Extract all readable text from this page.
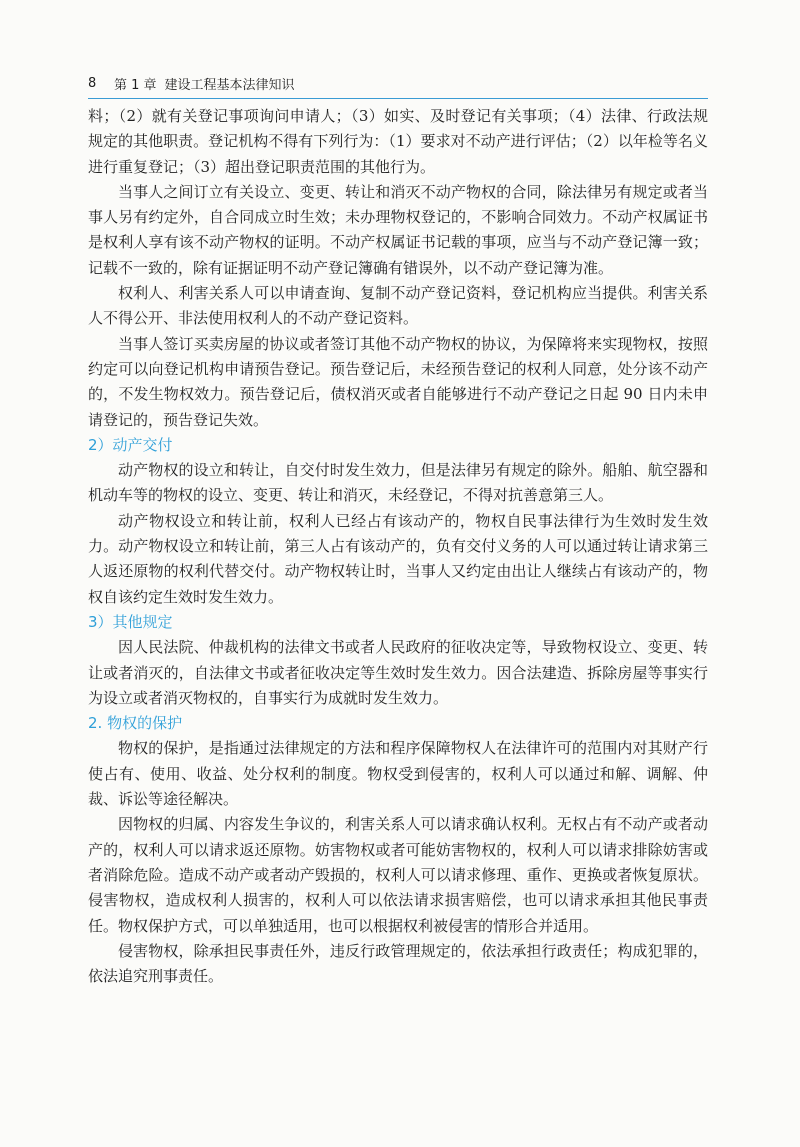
8	第 1 章 建设工程基本法律知识

料；（2）就有关登记事项询问申请人；（3）如实、及时登记有关事项；（4）法律、行政法规规定的其他职责。登记机构不得有下列行为：（1）要求对不动产进行评估；（2）以年检等名义进行重复登记；（3）超出登记职责范围的其他行为。

当事人之间订立有关设立、变更、转让和消灭不动产物权的合同，除法律另有规定或者当事人另有约定外，自合同成立时生效；未办理物权登记的，不影响合同效力。不动产权属证书是权利人享有该不动产物权的证明。不动产权属证书记载的事项，应当与不动产登记簿一致；记载不一致的，除有证据证明不动产登记簿确有错误外，以不动产登记簿为准。

权利人、利害关系人可以申请查询、复制不动产登记资料，登记机构应当提供。利害关系人不得公开、非法使用权利人的不动产登记资料。

当事人签订买卖房屋的协议或者签订其他不动产物权的协议，为保障将来实现物权，按照约定可以向登记机构申请预告登记。预告登记后，未经预告登记的权利人同意，处分该不动产的，不发生物权效力。预告登记后，债权消灭或者自能够进行不动产登记之日起 90 日内未申请登记的，预告登记失效。

2）动产交付

动产物权的设立和转让，自交付时发生效力，但是法律另有规定的除外。船舶、航空器和机动车等的物权的设立、变更、转让和消灭，未经登记，不得对抗善意第三人。

动产物权设立和转让前，权利人已经占有该动产的，物权自民事法律行为生效时发生效力。动产物权设立和转让前，第三人占有该动产的，负有交付义务的人可以通过转让请求第三人返还原物的权利代替交付。动产物权转让时，当事人又约定由出让人继续占有该动产的，物权自该约定生效时发生效力。

3）其他规定

因人民法院、仲裁机构的法律文书或者人民政府的征收决定等，导致物权设立、变更、转让或者消灭的，自法律文书或者征收决定等生效时发生效力。因合法建造、拆除房屋等事实行为设立或者消灭物权的，自事实行为成就时发生效力。

2. 物权的保护

物权的保护，是指通过法律规定的方法和程序保障物权人在法律许可的范围内对其财产行使占有、使用、收益、处分权利的制度。物权受到侵害的，权利人可以通过和解、调解、仲裁、诉讼等途径解决。

因物权的归属、内容发生争议的，利害关系人可以请求确认权利。无权占有不动产或者动产的，权利人可以请求返还原物。妨害物权或者可能妨害物权的，权利人可以请求排除妨害或者消除危险。造成不动产或者动产毁损的，权利人可以请求修理、重作、更换或者恢复原状。侵害物权，造成权利人损害的，权利人可以依法请求损害赔偿，也可以请求承担其他民事责任。物权保护方式，可以单独适用，也可以根据权利被侵害的情形合并适用。

侵害物权，除承担民事责任外，违反行政管理规定的，依法承担行政责任；构成犯罪的，依法追究刑事责任。
